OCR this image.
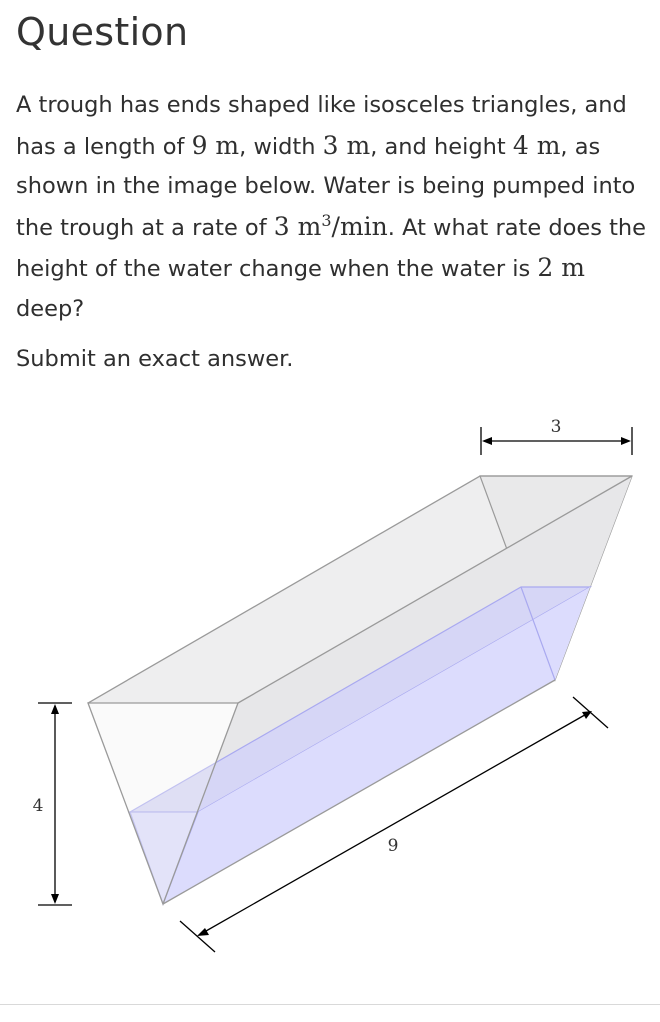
Question

A trough has ends shaped like isosceles triangles, and has a length of 9 m, width 3 m, and height 4 m, as shown in the image below. Water is being pumped into the trough at a rate of 3 $m^3/\min$. At what rate does the height of the water change when the water is 2 m deep?

Submit an exact answer.

3
4
9
